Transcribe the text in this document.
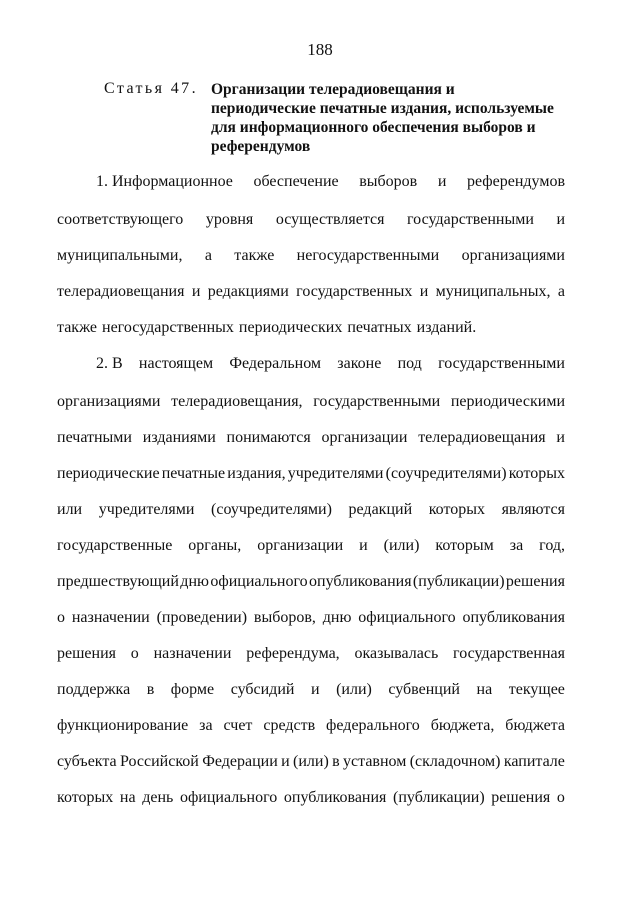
188
Статья 47. Организации телерадиовещания и
периодические печатные издания, используемые
для информационного обеспечения выборов и
референдумов
1. Информационное обеспечение выборов и референдумов
соответствующего уровня осуществляется государственными и
муниципальными, а также негосударственными организациями
телерадиовещания и редакциями государственных и муниципальных, а
также негосударственных периодических печатных изданий.
2. В настоящем Федеральном законе под государственными
организациями телерадиовещания, государственными периодическими
печатными изданиями понимаются организации телерадиовещания и
периодические печатные издания, учредителями (соучредителями) которых
или учредителями (соучредителями) редакций которых являются
государственные органы, организации и (или) которым за год,
предшествующий дню официального опубликования (публикации) решения
о назначении (проведении) выборов, дню официального опубликования
решения о назначении референдума, оказывалась государственная
поддержка в форме субсидий и (или) субвенций на текущее
функционирование за счет средств федерального бюджета, бюджета
субъекта Российской Федерации и (или) в уставном (складочном) капитале
которых на день официального опубликования (публикации) решения о
